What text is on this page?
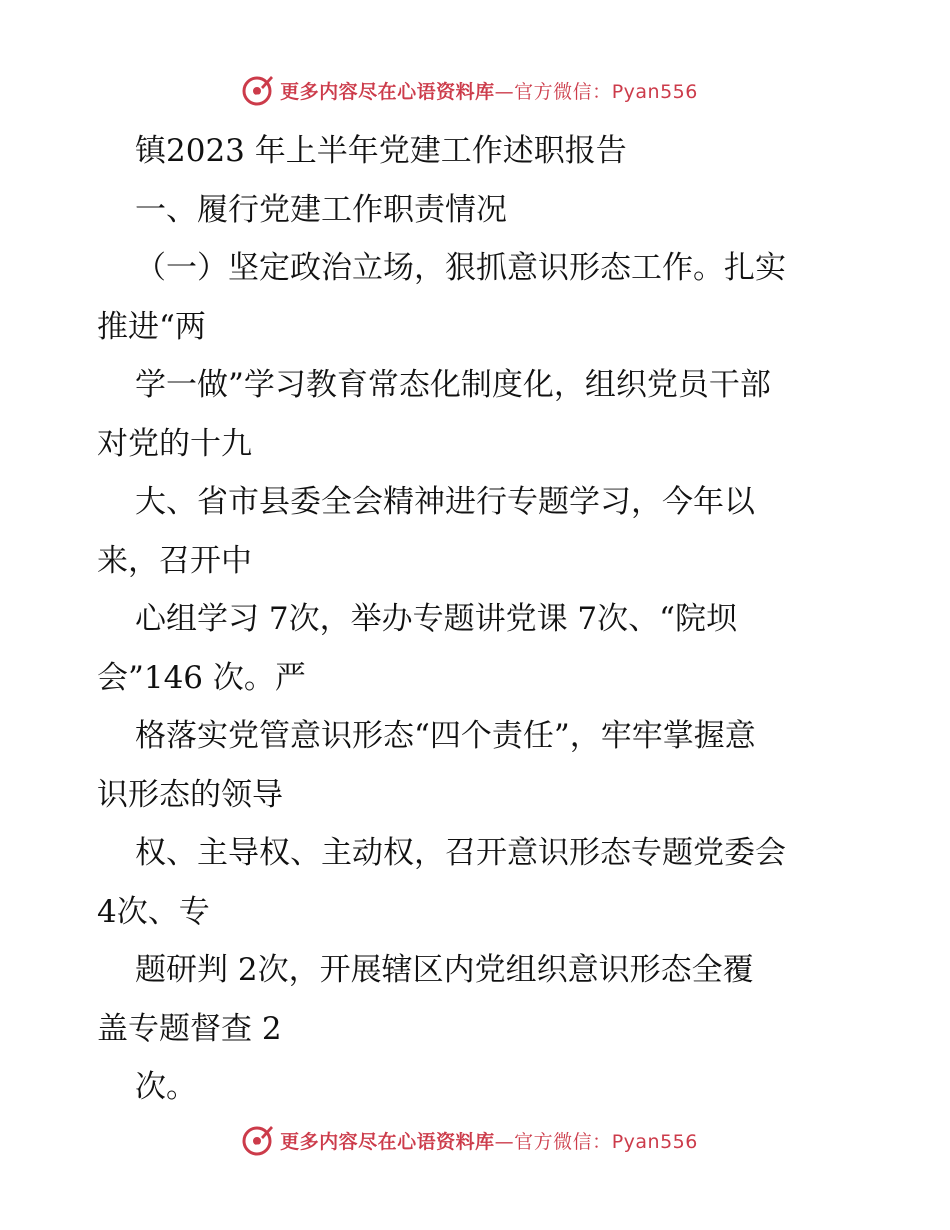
更多内容尽在心语资料库—官方微信：Pyan556
镇2023 年上半年党建工作述职报告
一、履行党建工作职责情况
（一）坚定政治立场，狠抓意识形态工作。扎实
推进“两
学一做”学习教育常态化制度化，组织党员干部
对党的十九
大、省市县委全会精神进行专题学习，今年以
来，召开中
心组学习 7次，举办专题讲党课 7次、“院坝
会”146 次。严
格落实党管意识形态“四个责任”，牢牢掌握意
识形态的领导
权、主导权、主动权，召开意识形态专题党委会
4次、专
题研判 2次，开展辖区内党组织意识形态全覆
盖专题督查 2
次。
更多内容尽在心语资料库—官方微信：Pyan556
